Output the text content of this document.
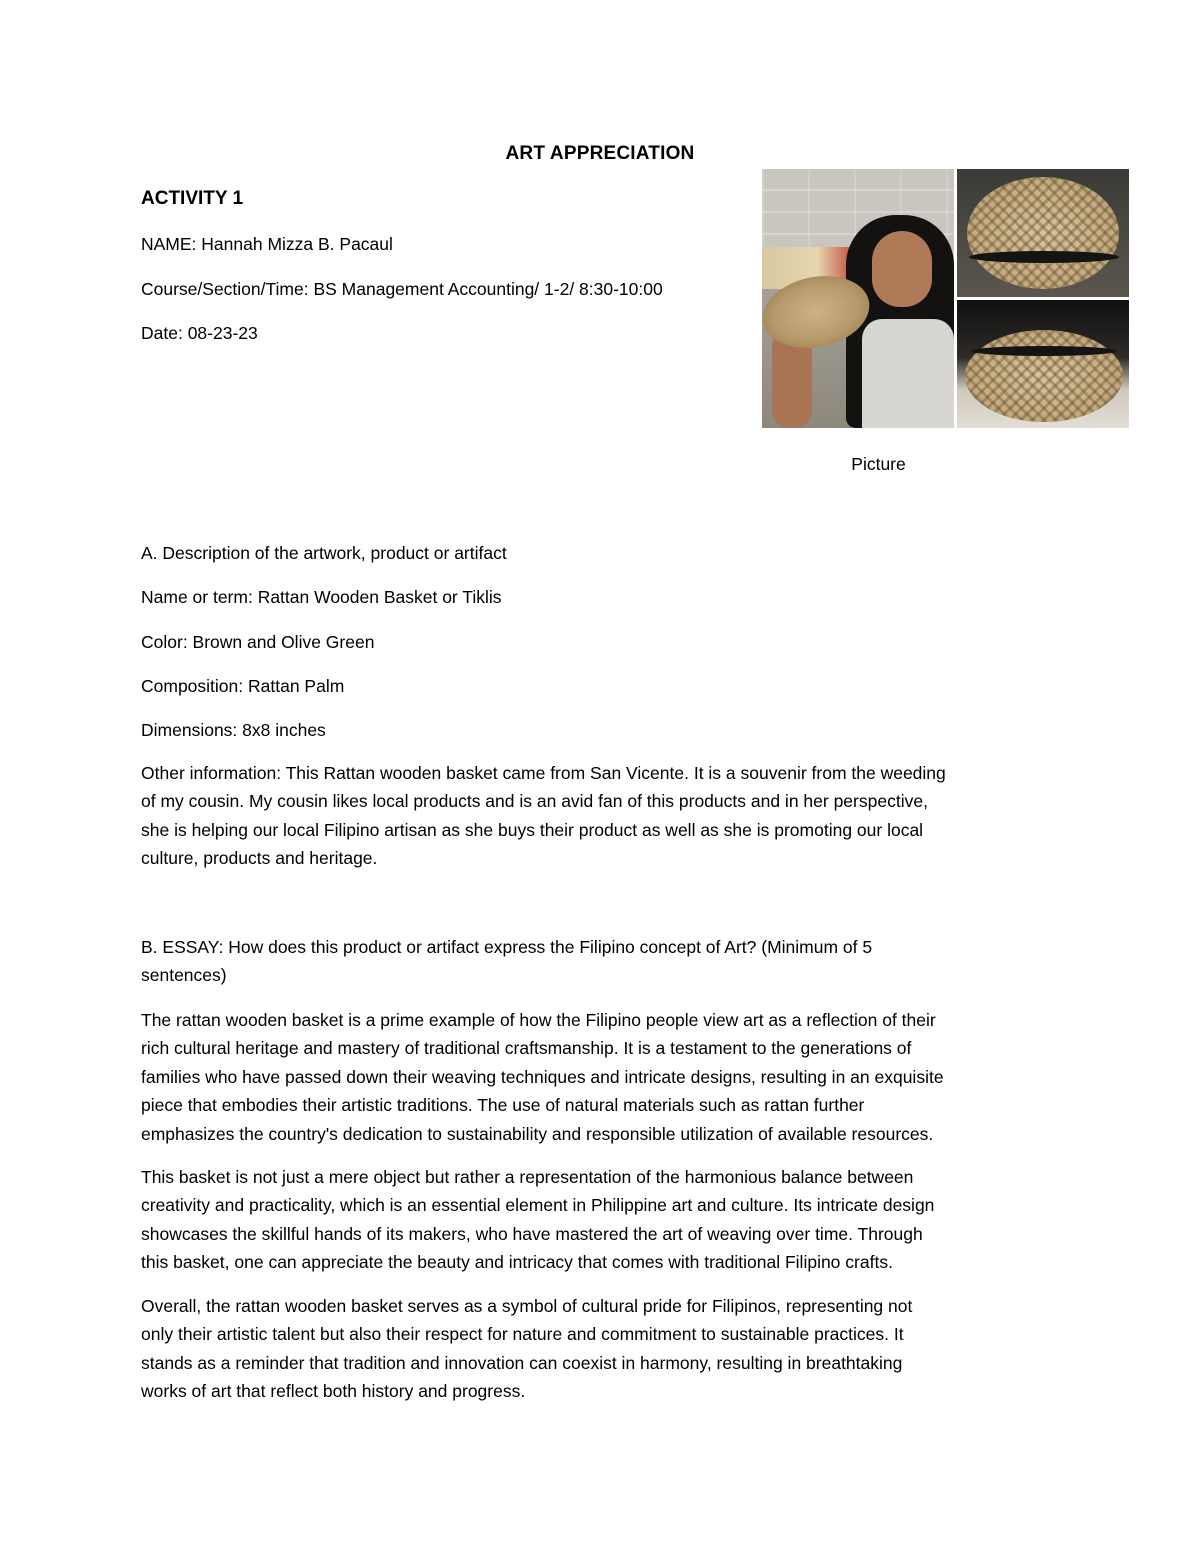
ART APPRECIATION
ACTIVITY 1
NAME: Hannah Mizza B. Pacaul
Course/Section/Time: BS Management Accounting/ 1-2/ 8:30-10:00
Date: 08-23-23
Picture
A. Description of the artwork, product or artifact
Name or term: Rattan Wooden Basket or Tiklis
Color: Brown and Olive Green
Composition: Rattan Palm
Dimensions: 8x8 inches
Other information: This Rattan wooden basket came from San Vicente. It is a souvenir from the weeding
of my cousin. My cousin likes local products and is an avid fan of this products and in her perspective,
she is helping our local Filipino artisan as she buys their product as well as she is promoting our local
culture, products and heritage.
B. ESSAY: How does this product or artifact express the Filipino concept of Art? (Minimum of 5
sentences)
The rattan wooden basket is a prime example of how the Filipino people view art as a reflection of their
rich cultural heritage and mastery of traditional craftsmanship. It is a testament to the generations of
families who have passed down their weaving techniques and intricate designs, resulting in an exquisite
piece that embodies their artistic traditions. The use of natural materials such as rattan further
emphasizes the country's dedication to sustainability and responsible utilization of available resources.
This basket is not just a mere object but rather a representation of the harmonious balance between
creativity and practicality, which is an essential element in Philippine art and culture. Its intricate design
showcases the skillful hands of its makers, who have mastered the art of weaving over time. Through
this basket, one can appreciate the beauty and intricacy that comes with traditional Filipino crafts.
Overall, the rattan wooden basket serves as a symbol of cultural pride for Filipinos, representing not
only their artistic talent but also their respect for nature and commitment to sustainable practices. It
stands as a reminder that tradition and innovation can coexist in harmony, resulting in breathtaking
works of art that reflect both history and progress.
